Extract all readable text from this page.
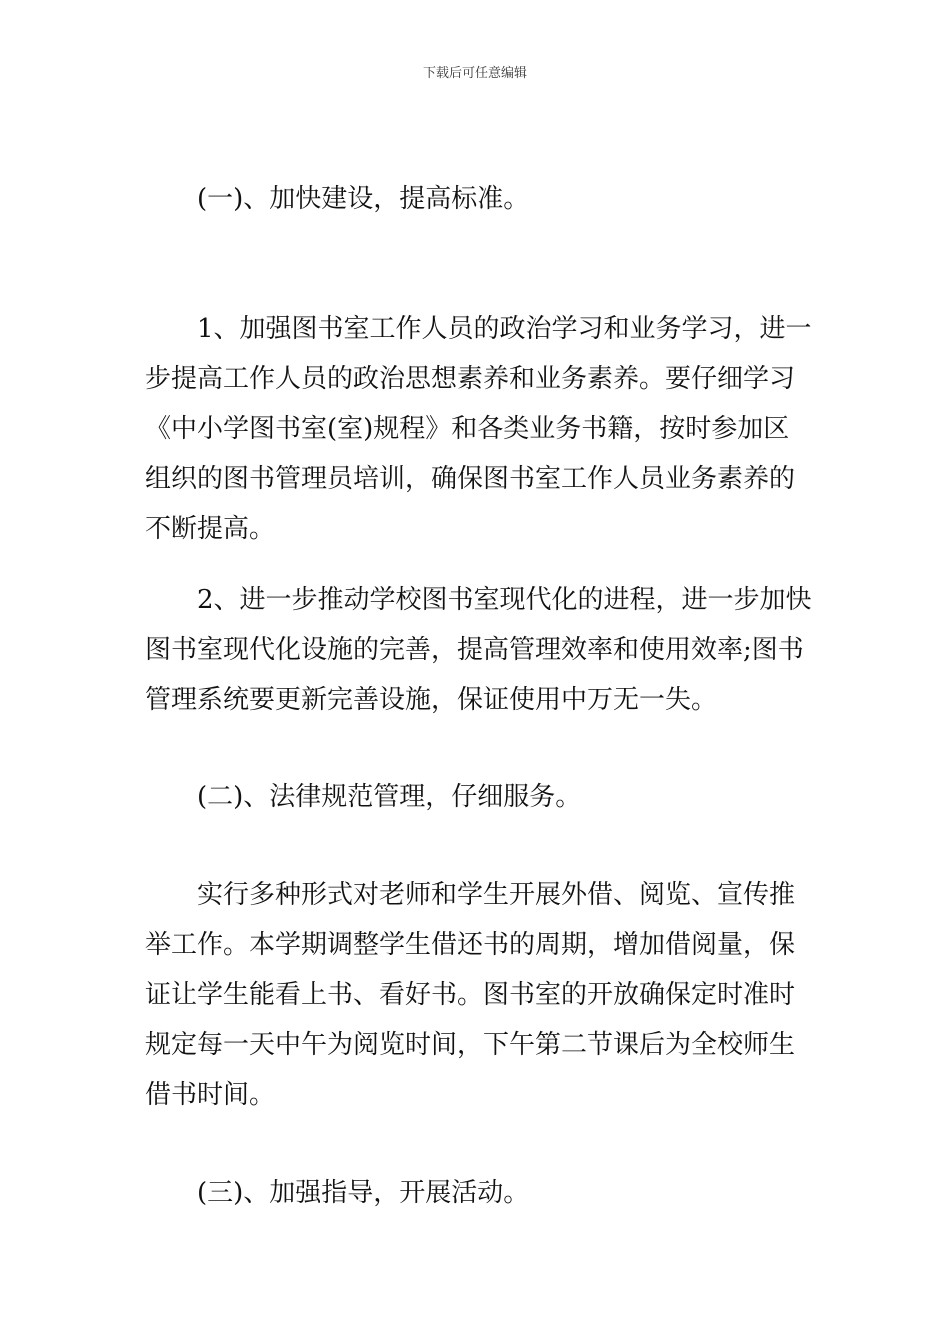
下载后可任意编辑

(一)、加快建设，提高标准。

1、加强图书室工作人员的政治学习和业务学习，进一
步提高工作人员的政治思想素养和业务素养。要仔细学习
《中小学图书室(室)规程》和各类业务书籍，按时参加区
组织的图书管理员培训，确保图书室工作人员业务素养的
不断提高。
2、进一步推动学校图书室现代化的进程，进一步加快
图书室现代化设施的完善，提高管理效率和使用效率;图书
管理系统要更新完善设施，保证使用中万无一失。

(二)、法律规范管理，仔细服务。

实行多种形式对老师和学生开展外借、阅览、宣传推
举工作。本学期调整学生借还书的周期，增加借阅量，保
证让学生能看上书、看好书。图书室的开放确保定时准时
规定每一天中午为阅览时间，下午第二节课后为全校师生
借书时间。

(三)、加强指导，开展活动。
